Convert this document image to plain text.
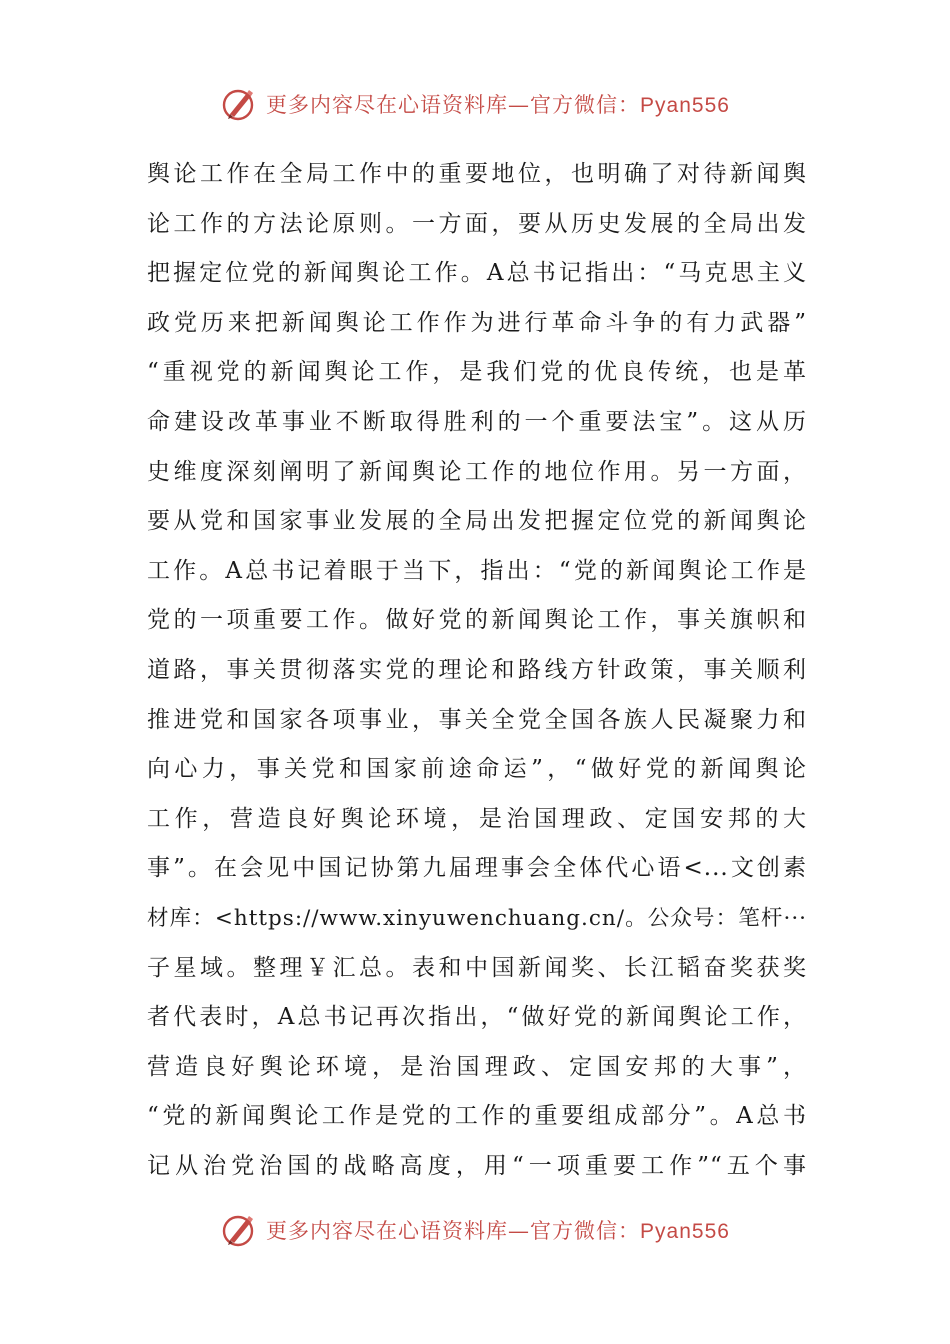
更多内容尽在心语资料库—官方微信：Pyan556
舆论工作在全局工作中的重要地位，也明确了对待新闻舆
论工作的方法论原则。一方面，要从历史发展的全局出发
把握定位党的新闻舆论工作。A总书记指出：“马克思主义
政党历来把新闻舆论工作作为进行革命斗争的有力武器”
“重视党的新闻舆论工作，是我们党的优良传统，也是革
命建设改革事业不断取得胜利的一个重要法宝”。这从历
史维度深刻阐明了新闻舆论工作的地位作用。另一方面，
要从党和国家事业发展的全局出发把握定位党的新闻舆论
工作。A总书记着眼于当下，指出：“党的新闻舆论工作是
党的一项重要工作。做好党的新闻舆论工作，事关旗帜和
道路，事关贯彻落实党的理论和路线方针政策，事关顺利
推进党和国家各项事业，事关全党全国各族人民凝聚力和
向心力，事关党和国家前途命运”，“做好党的新闻舆论
工作，营造良好舆论环境，是治国理政、定国安邦的大
事”。在会见中国记协第九届理事会全体代心语<...文创素
材库：<https://www.xinyuwenchuang.cn/。公众号：笔杆···
子星域。整理￥汇总。表和中国新闻奖、长江韬奋奖获奖
者代表时，A总书记再次指出，“做好党的新闻舆论工作，
营造良好舆论环境，是治国理政、定国安邦的大事”，
“党的新闻舆论工作是党的工作的重要组成部分”。A总书
记从治党治国的战略高度，用“一项重要工作”“五个事
更多内容尽在心语资料库—官方微信：Pyan556
